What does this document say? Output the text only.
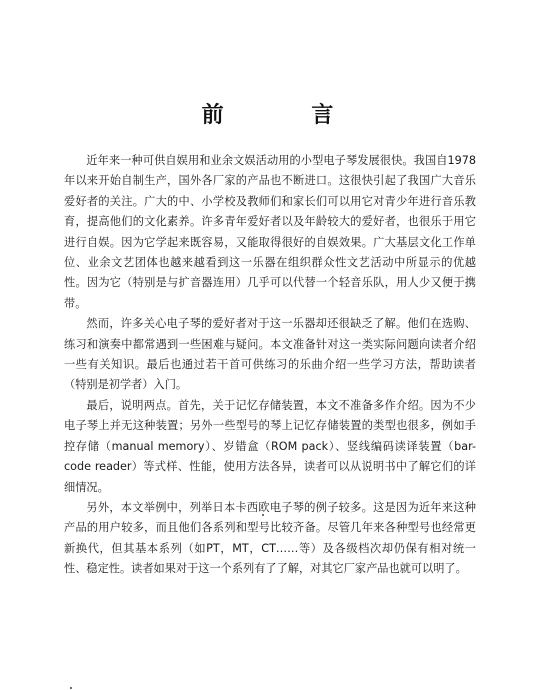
前 言

近年来一种可供自娱用和业余文娱活动用的小型电子琴发展很快。我国自1978年以来开始自制生产，国外各厂家的产品也不断进口。这很快引起了我国广大音乐爱好者的关注。广大的中、小学校及教师们和家长们可以用它对青少年进行音乐教育，提高他们的文化素养。许多青年爱好者以及年龄较大的爱好者，也很乐于用它进行自娱。因为它学起来既容易，又能取得很好的自娱效果。广大基层文化工作单位、业余文艺团体也越来越看到这一乐器在组织群众性文艺活动中所显示的优越性。因为它（特别是与扩音器连用）几乎可以代替一个轻音乐队，用人少又便于携带。

然而，许多关心电子琴的爱好者对于这一乐器却还很缺乏了解。他们在选购、练习和演奏中都常遇到一些困难与疑问。本文准备针对这一类实际问题向读者介绍一些有关知识。最后也通过若干首可供练习的乐曲介绍一些学习方法，帮助读者（特别是初学者）入门。

最后，说明两点。首先，关于记忆存储装置，本文不准备多作介绍。因为不少电子琴上并无这种装置；另外一些型号的琴上记忆存储装置的类型也很多，例如手控存储（manual memory）、岁错盒（ROM pack）、竖线编码读译装置（bar-code reader）等式样、性能，使用方法各异，读者可以从说明书中了解它们的详细情况。

另外，本文举例中，列举日本卡西欧电子琴的例子较多。这是因为近年来这种产品的用户较多，而且他们各系列和型号比较齐备。尽管几年来各种型号也经常更新换代，但其基本系列（如PT，MT，CT……等）及各级档次却仍保有相对统一性、稳定性。读者如果对于这一个系列有了了解，对其它厂家产品也就可以明了。
